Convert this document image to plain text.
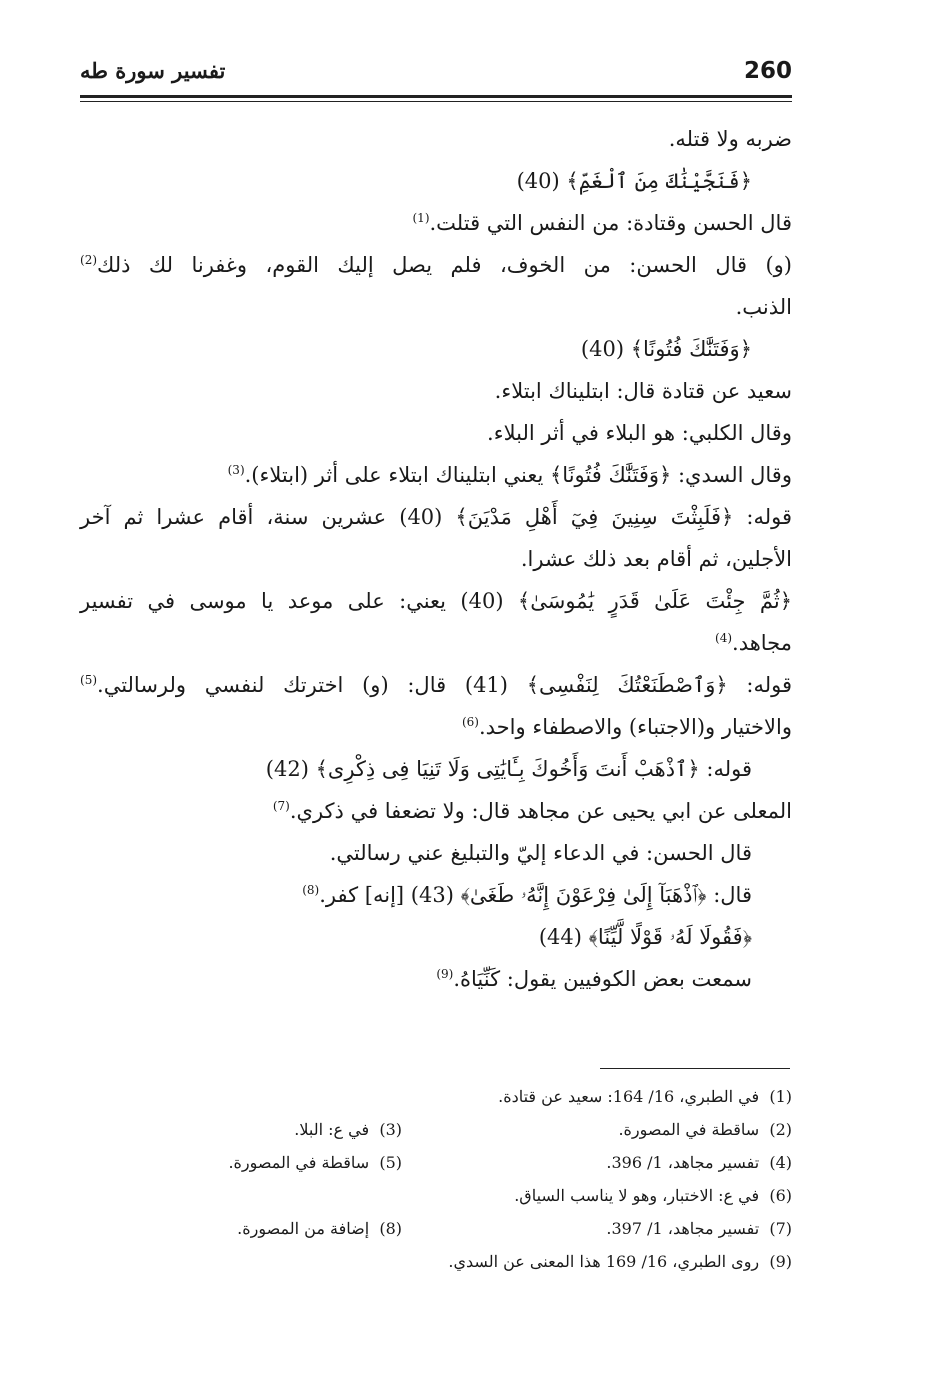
260
تفسير سورة طه
ضربه ولا قتله.
﴿فَنَجَّيْنَٰكَ مِنَ ٱلْغَمِّ﴾ (40)
قال الحسن وقتادة: من النفس التي قتلت.$^{(1)}$
(و) قال الحسن: من الخوف، فلم يصل إليك القوم، وغفرنا لك ذلك$^{(2)}$
الذنب.
﴿وَفَتَنَّٰكَ فُتُونًا﴾ (40)
سعيد عن قتادة قال: ابتليناك ابتلاء.
وقال الكلبي: هو البلاء في أثر البلاء.
وقال السدي: ﴿وَفَتَنَّٰكَ فُتُونًا﴾ يعني ابتليناك ابتلاء على أثر (ابتلاء).$^{(3)}$
قوله: ﴿فَلَبِثْتَ سِنِينَ فِيٓ أَهْلِ مَدْيَنَ﴾ (40) عشرين سنة، أقام عشرا ثم آخر
الأجلين، ثم أقام بعد ذلك عشرا.
﴿ثُمَّ جِئْتَ عَلَىٰ قَدَرٍ يَٰمُوسَىٰ﴾ (40) يعني: على موعد يا موسى في تفسير
مجاهد.$^{(4)}$
قوله: ﴿وَٱصْطَنَعْتُكَ لِنَفْسِى﴾ (41) قال: (و) اخترتك لنفسي ولرسالتي.$^{(5)}$
والاختيار و(الاجتباء) والاصطفاء واحد.$^{(6)}$
قوله: ﴿ٱذْهَبْ أَنتَ وَأَخُوكَ بِـَٔايَٰتِى وَلَا تَنِيَا فِى ذِكْرِى﴾ (42)
المعلى عن ابي يحيى عن مجاهد قال: ولا تضعفا في ذكري.$^{(7)}$
قال الحسن: في الدعاء إليّ والتبليغ عني رسالتي.
قال: ﴿ٱذْهَبَآ إِلَىٰ فِرْعَوْنَ إِنَّهُۥ طَغَىٰ﴾ (43) [إنه] كفر.$^{(8)}$
﴿فَقُولَا لَهُۥ قَوْلًا لَّيِّنًا﴾ (44)
سمعت بعض الكوفيين يقول: كَنِّيَاهُ.$^{(9)}$
(1)  في الطبري، 16/ 164: سعيد عن قتادة.
(2)  ساقطة في المصورة.
(3)  في ع: البلا.
(4)  تفسير مجاهد، 1/ 396.
(5)  ساقطة في المصورة.
(6)  في ع: الاختبار، وهو لا يناسب السياق.
(7)  تفسير مجاهد، 1/ 397.
(8)  إضافة من المصورة.
(9)  روى الطبري، 16/ 169 هذا المعنى عن السدي.
